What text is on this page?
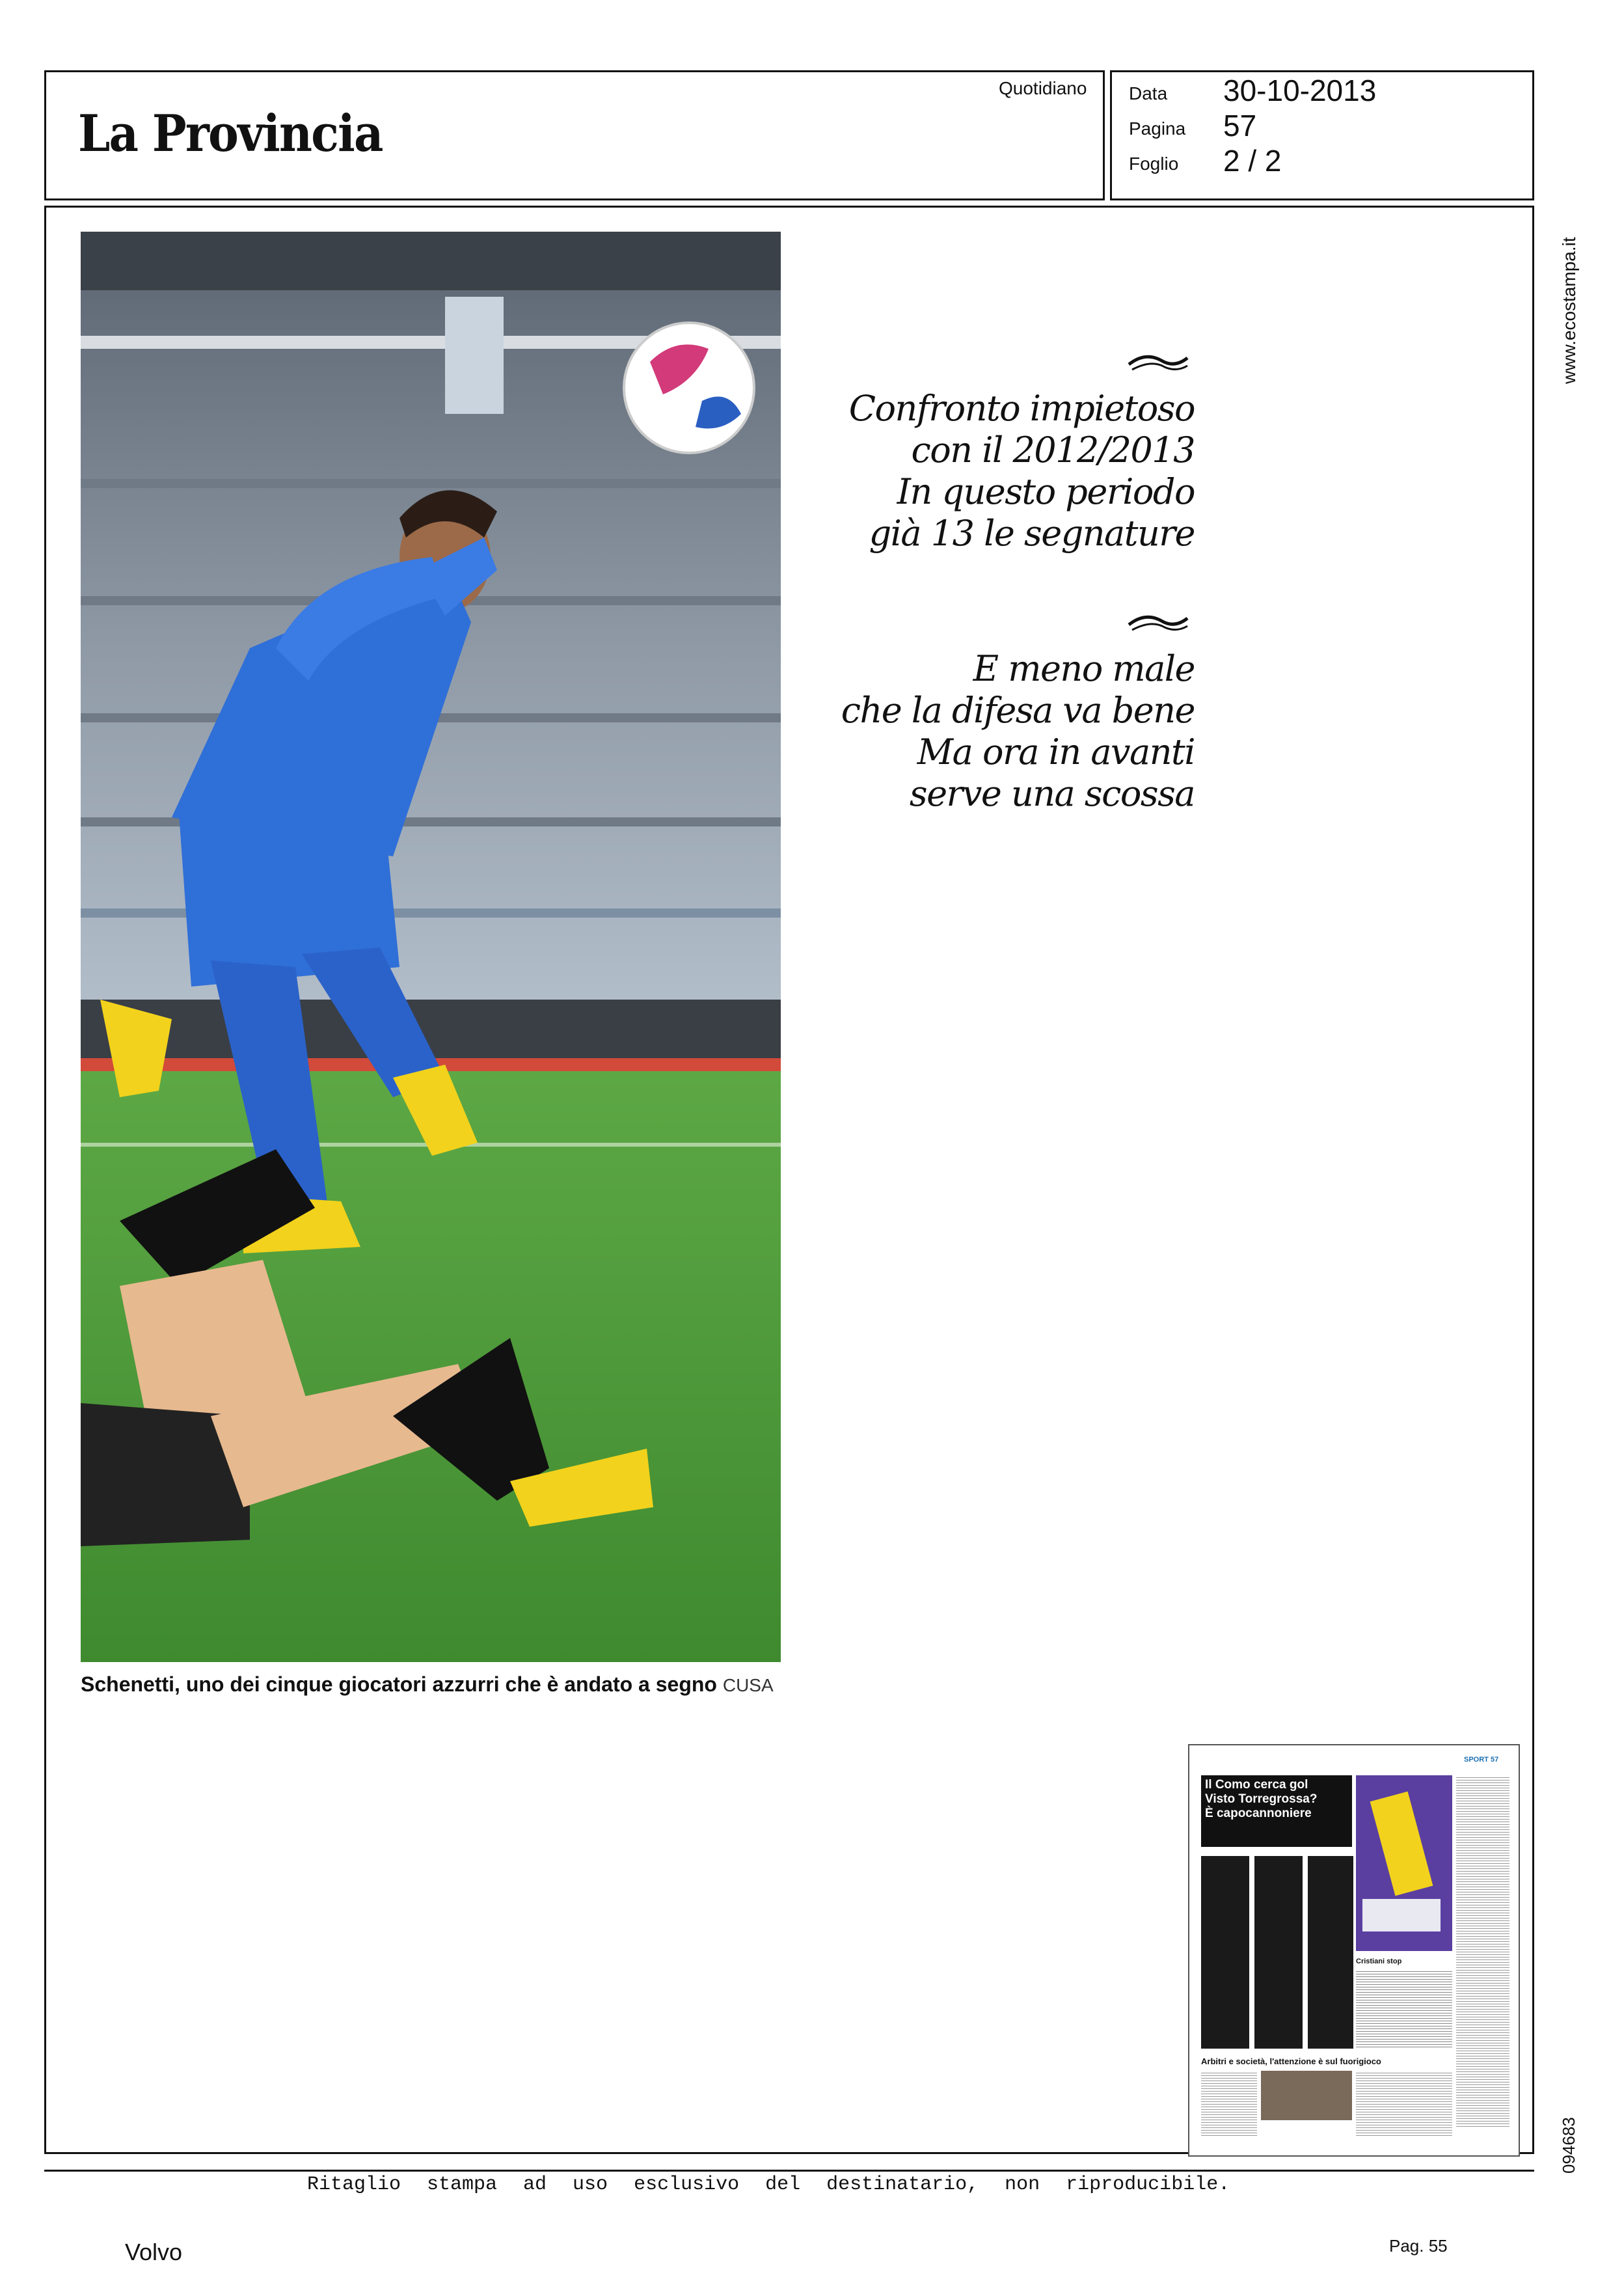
La Provincia
Quotidiano Data 30-10-2013
Pagina 57
Foglio 2 / 2
www.ecostampa.it
094683
Schenetti, uno dei cinque giocatori azzurri che è andato a segno CUSA
Confronto impietoso
con il 2012/2013
In questo periodo
già 13 le segnature
E meno male
che la difesa va bene
Ma ora in avanti
serve una scossa
SPORT 57
Il Como cerca gol
Visto Torregrossa?
È capocannoniere
Cristiani stop
Arbitri e società, l'attenzione è sul fuorigioco
Ritaglio stampa ad uso esclusivo del destinatario, non riproducibile.
Volvo	Pag. 55
